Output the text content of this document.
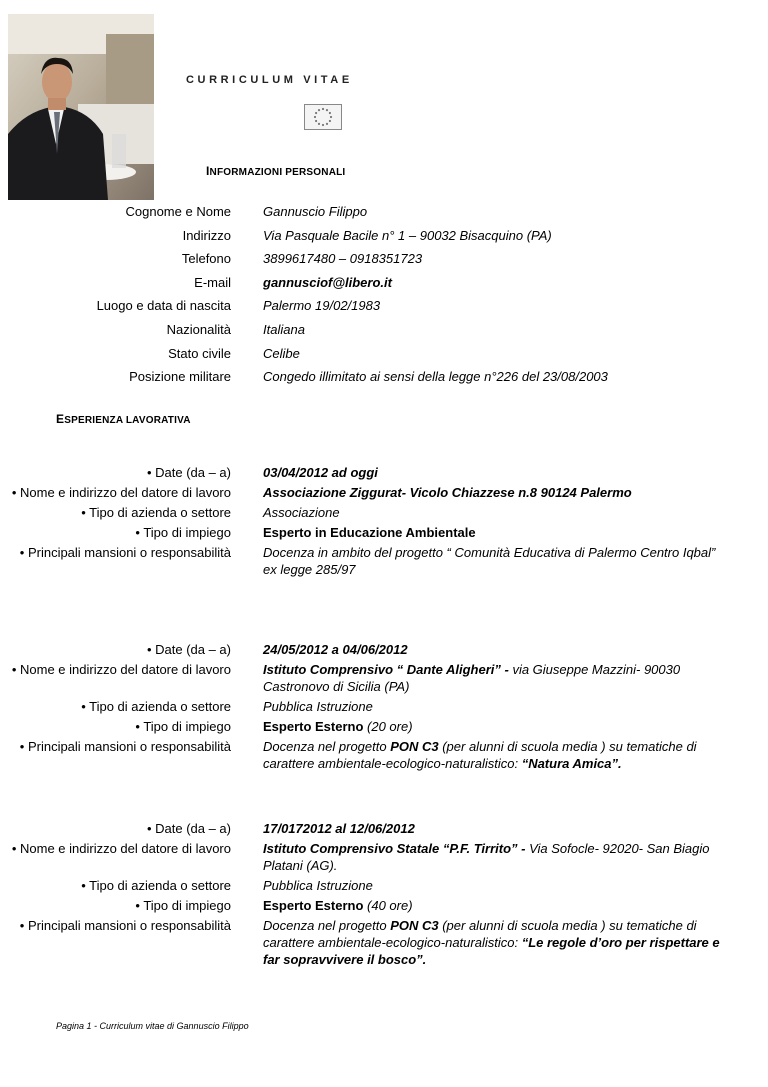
CURRICULUM VITAE
INFORMAZIONI PERSONALI
Cognome e Nome Gannuscio Filippo
Indirizzo Via Pasquale Bacile n° 1 – 90032 Bisacquino (PA)
Telefono 3899617480 – 0918351723
E-mail gannusciof@libero.it
Luogo e data di nascita Palermo 19/02/1983
Nazionalità Italiana
Stato civile Celibe
Posizione militare Congedo illimitato ai sensi della legge n°226 del 23/08/2003
ESPERIENZA LAVORATIVA
• Date (da – a) 03/04/2012 ad oggi
• Nome e indirizzo del datore di lavoro Associazione Ziggurat- Vicolo Chiazzese n.8 90124 Palermo
• Tipo di azienda o settore Associazione
• Tipo di impiego Esperto in Educazione Ambientale
• Principali mansioni o responsabilità Docenza in ambito del progetto “ Comunità Educativa di Palermo Centro Iqbal” ex legge 285/97
• Date (da – a) 24/05/2012 a 04/06/2012
• Nome e indirizzo del datore di lavoro Istituto Comprensivo “ Dante Aligheri” - via Giuseppe Mazzini- 90030 Castronovo di Sicilia (PA)
• Tipo di azienda o settore Pubblica Istruzione
• Tipo di impiego Esperto Esterno (20 ore)
• Principali mansioni o responsabilità Docenza nel progetto PON C3 (per alunni di scuola media ) su tematiche di carattere ambientale-ecologico-naturalistico: “Natura Amica”.
• Date (da – a) 17/0172012 al 12/06/2012
• Nome e indirizzo del datore di lavoro Istituto Comprensivo Statale “P.F. Tirrito” - Via Sofocle- 92020- San Biagio Platani (AG).
• Tipo di azienda o settore Pubblica Istruzione
• Tipo di impiego Esperto Esterno (40 ore)
• Principali mansioni o responsabilità Docenza nel progetto PON C3 (per alunni di scuola media ) su tematiche di carattere ambientale-ecologico-naturalistico: “Le regole d’oro per rispettare e far sopravvivere il bosco”.
Pagina 1 - Curriculum vitae di Gannuscio Filippo
